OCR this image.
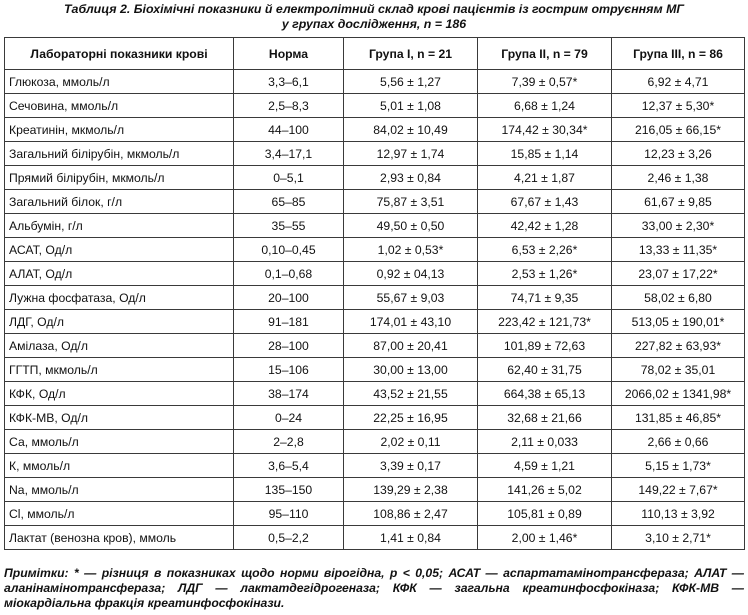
Таблиця 2. Біохімічні показники й електролітний склад крові пацієнтів із гострим отруєнням МГ
у групах дослідження, n = 186
Лабораторні показники крові	Норма	Група І, n = 21	Група ІІ, n = 79	Група ІІІ, n = 86
Глюкоза, ммоль/л	3,3–6,1	5,56 ± 1,27	7,39 ± 0,57*	6,92 ± 4,71
Сечовина, ммоль/л	2,5–8,3	5,01 ± 1,08	6,68 ± 1,24	12,37 ± 5,30*
Креатинін, мкмоль/л	44–100	84,02 ± 10,49	174,42 ± 30,34*	216,05 ± 66,15*
Загальний білірубін, мкмоль/л	3,4–17,1	12,97 ± 1,74	15,85 ± 1,14	12,23 ± 3,26
Прямий білірубін, мкмоль/л	0–5,1	2,93 ± 0,84	4,21 ± 1,87	2,46 ± 1,38
Загальний білок, г/л	65–85	75,87 ± 3,51	67,67 ± 1,43	61,67 ± 9,85
Альбумін, г/л	35–55	49,50 ± 0,50	42,42 ± 1,28	33,00 ± 2,30*
АСАТ, Од/л	0,10–0,45	1,02 ± 0,53*	6,53 ± 2,26*	13,33 ± 11,35*
АЛАТ, Од/л	0,1–0,68	0,92 ± 04,13	2,53 ± 1,26*	23,07 ± 17,22*
Лужна фосфатаза, Од/л	20–100	55,67 ± 9,03	74,71 ± 9,35	58,02 ± 6,80
ЛДГ, Од/л	91–181	174,01 ± 43,10	223,42 ± 121,73*	513,05 ± 190,01*
Амілаза, Од/л	28–100	87,00 ± 20,41	101,89 ± 72,63	227,82 ± 63,93*
ГГТП, мкмоль/л	15–106	30,00 ± 13,00	62,40 ± 31,75	78,02 ± 35,01
КФК, Од/л	38–174	43,52 ± 21,55	664,38 ± 65,13	2066,02 ± 1341,98*
КФК-МВ, Од/л	0–24	22,25 ± 16,95	32,68 ± 21,66	131,85 ± 46,85*
Са, ммоль/л	2–2,8	2,02 ± 0,11	2,11 ± 0,033	2,66 ± 0,66
К, ммоль/л	3,6–5,4	3,39 ± 0,17	4,59 ± 1,21	5,15 ± 1,73*
Na, ммоль/л	135–150	139,29 ± 2,38	141,26 ± 5,02	149,22 ± 7,67*
Cl, ммоль/л	95–110	108,86 ± 2,47	105,81 ± 0,89	110,13 ± 3,92
Лактат (венозна кров), ммоль	0,5–2,2	1,41 ± 0,84	2,00 ± 1,46*	3,10 ± 2,71*
Примітки: * — різниця в показниках щодо норми вірогідна, р < 0,05; АСАТ — аспартатамінотрансфераза; АЛАТ — аланінамінотрансфераза; ЛДГ — лактатдегідрогеназа; КФК — загальна креатинфосфокіназа; КФК-МВ — міокардіальна фракція креатинфосфокінази.
